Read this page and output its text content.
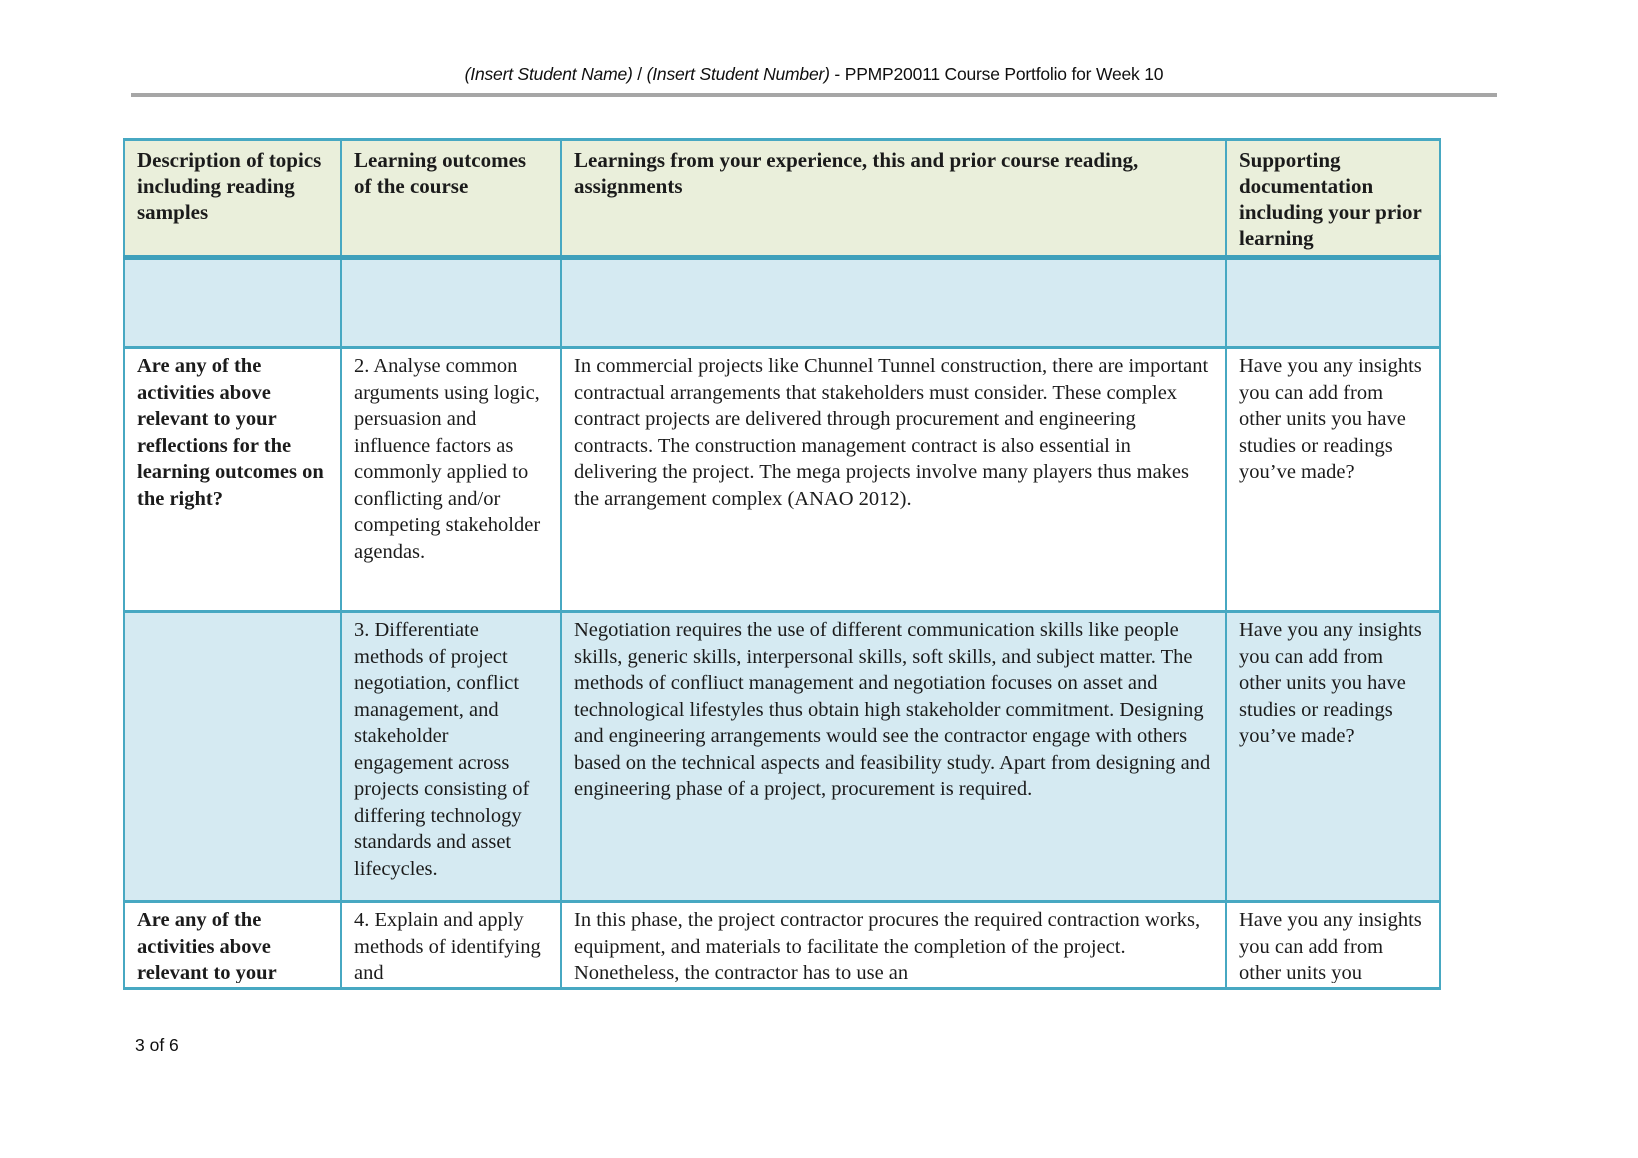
(Insert Student Name) / (Insert Student Number) - PPMP20011 Course Portfolio for Week 10
Description of topics including reading samples	Learning outcomes of the course	Learnings from your experience, this and prior course reading, assignments	Supporting documentation including your prior learning

Are any of the activities above relevant to your reflections for the learning outcomes on the right?	2. Analyse common arguments using logic, persuasion and influence factors as commonly applied to conflicting and/or competing stakeholder agendas.	In commercial projects like Chunnel Tunnel construction, there are important contractual arrangements that stakeholders must consider. These complex contract projects are delivered through procurement and engineering contracts. The construction management contract is also essential in delivering the project. The mega projects involve many players thus makes the arrangement complex (ANAO 2012).	Have you any insights you can add from other units you have studies or readings you’ve made?
	3. Differentiate methods of project negotiation, conflict management, and stakeholder engagement across projects consisting of differing technology standards and asset lifecycles.	Negotiation requires the use of different communication skills like people skills, generic skills, interpersonal skills, soft skills, and subject matter. The methods of confliuct management and negotiation focuses on asset and technological lifestyles thus obtain high stakeholder commitment. Designing and engineering arrangements would see the contractor engage with others based on the technical aspects and feasibility study. Apart from designing and engineering phase of a project, procurement is required.	Have you any insights you can add from other units you have studies or readings you’ve made?

Are any of the activities above relevant to your	4. Explain and apply methods of identifying and	In this phase, the project contractor procures the required contraction works, equipment, and materials to facilitate the completion of the project. Nonetheless, the contractor has to use an	Have you any insights you can add from other units you
3 of 6
